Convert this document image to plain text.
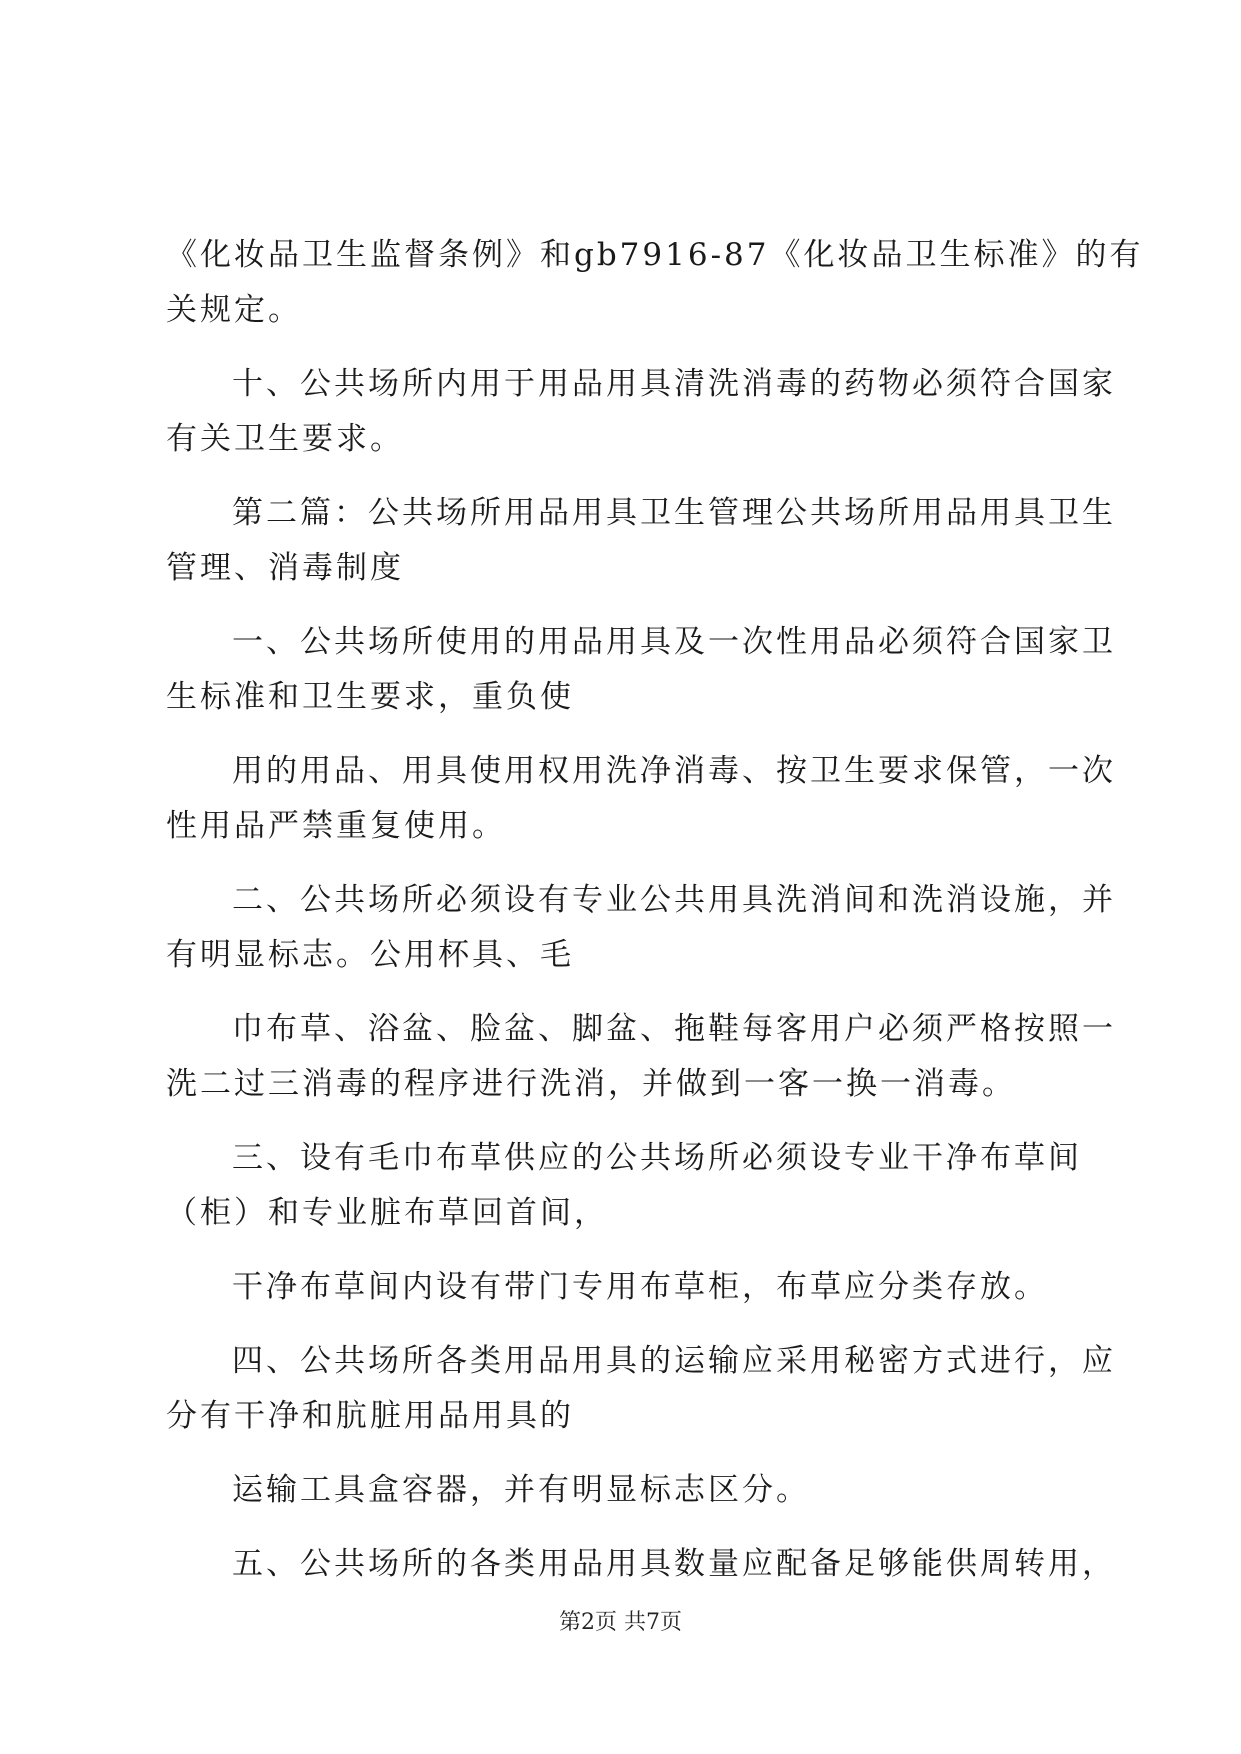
《化妆品卫生监督条例》和gb7916-87《化妆品卫生标准》的有
关规定。

十、公共场所内用于用品用具清洗消毒的药物必须符合国家
有关卫生要求。

第二篇：公共场所用品用具卫生管理公共场所用品用具卫生
管理、消毒制度

一、公共场所使用的用品用具及一次性用品必须符合国家卫
生标准和卫生要求，重负使

用的用品、用具使用权用洗净消毒、按卫生要求保管，一次
性用品严禁重复使用。

二、公共场所必须设有专业公共用具洗消间和洗消设施，并
有明显标志。公用杯具、毛

巾布草、浴盆、脸盆、脚盆、拖鞋每客用户必须严格按照一
洗二过三消毒的程序进行洗消，并做到一客一换一消毒。

三、设有毛巾布草供应的公共场所必须设专业干净布草间
（柜）和专业脏布草回首间，

干净布草间内设有带门专用布草柜，布草应分类存放。

四、公共场所各类用品用具的运输应采用秘密方式进行，应
分有干净和肮脏用品用具的

运输工具盒容器，并有明显标志区分。

五、公共场所的各类用品用具数量应配备足够能供周转用，

第2页 共7页
